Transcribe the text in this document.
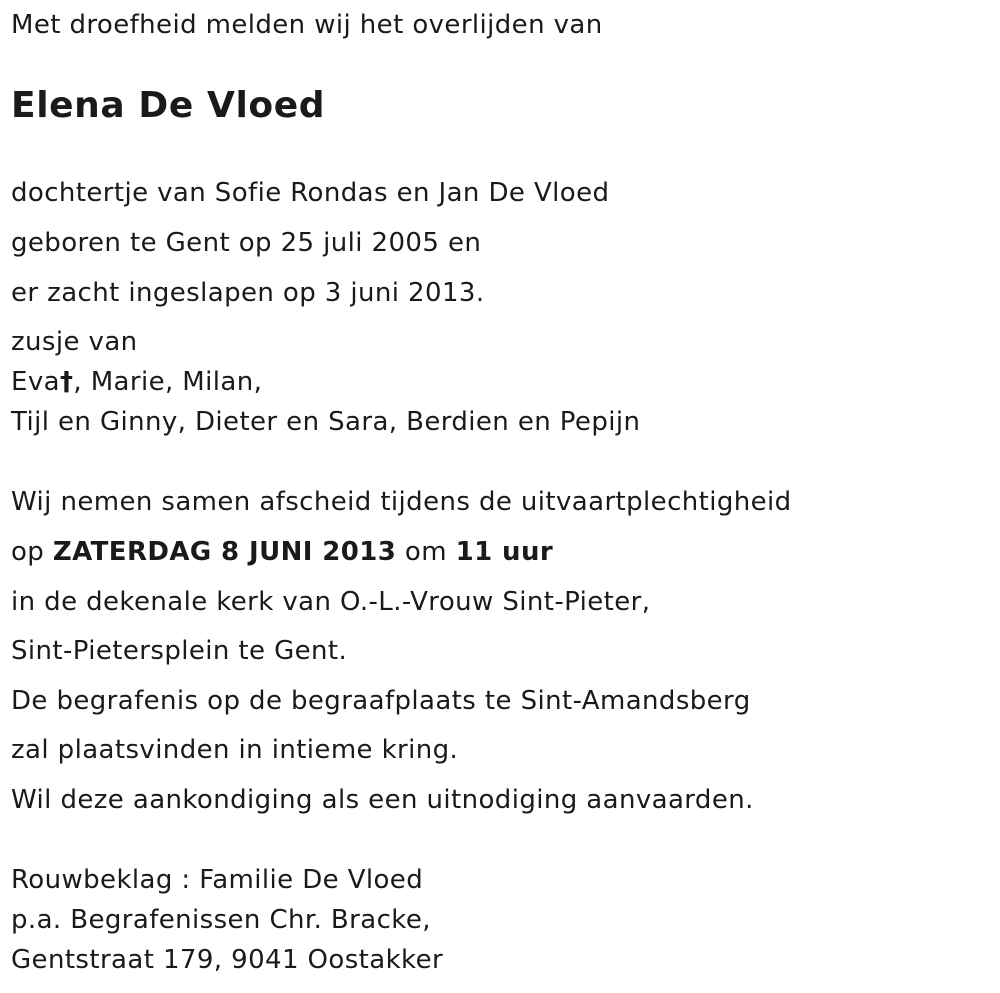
Met droefheid melden wij het overlijden van

Elena De Vloed

dochtertje van Sofie Rondas en Jan De Vloed

geboren te Gent op 25 juli 2005 en

er zacht ingeslapen op 3 juni 2013.

zusje van

Eva†, Marie, Milan,

Tijl en Ginny, Dieter en Sara, Berdien en Pepijn

Wij nemen samen afscheid tijdens de uitvaartplechtigheid

op ZATERDAG 8 JUNI 2013 om 11 uur

in de dekenale kerk van O.-L.-Vrouw Sint-Pieter,

Sint-Pietersplein te Gent.

De begrafenis op de begraafplaats te Sint-Amandsberg

zal plaatsvinden in intieme kring.

Wil deze aankondiging als een uitnodiging aanvaarden.

Rouwbeklag : Familie De Vloed

p.a. Begrafenissen Chr. Bracke,

Gentstraat 179, 9041 Oostakker
